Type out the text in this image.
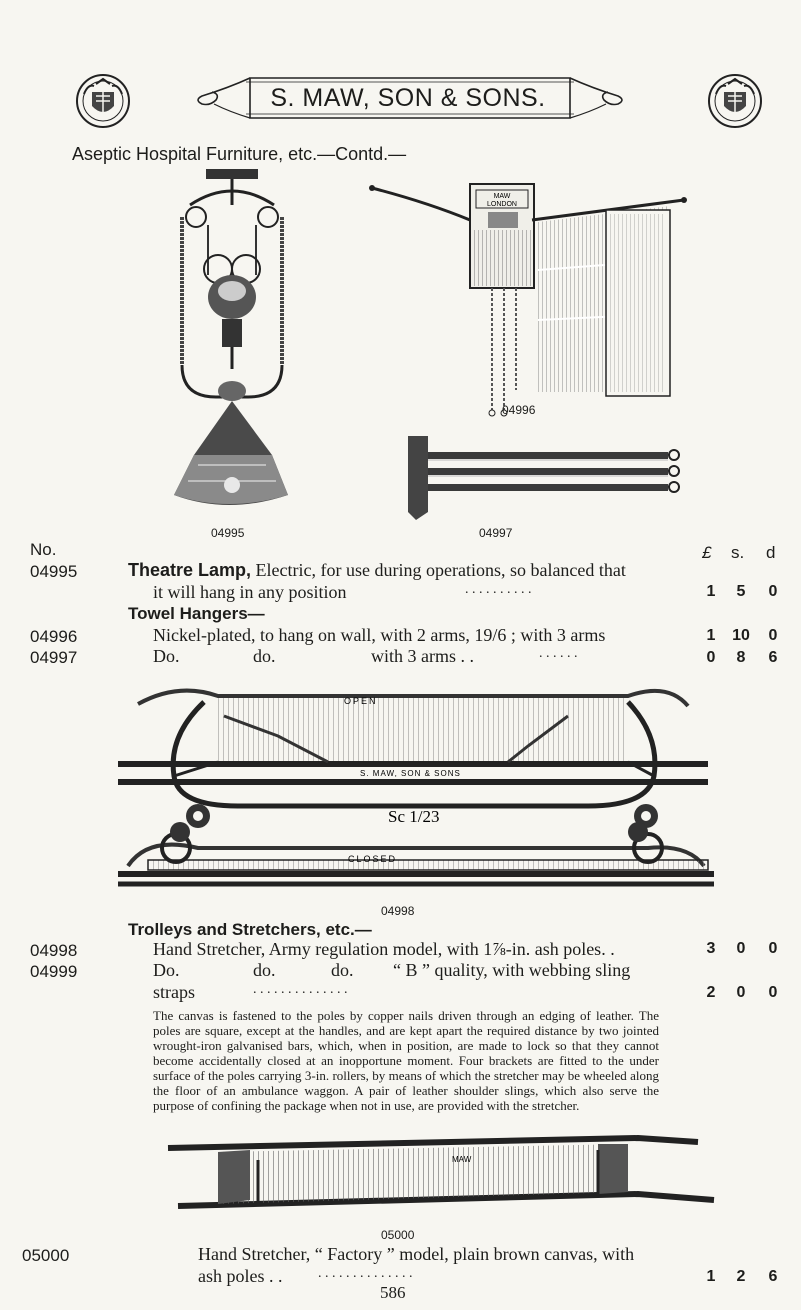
S. MAW, SON & SONS.
Aseptic Hospital Furniture, etc.—Contd.—
04995
MAW
LONDON
04996
04997
No.	£ s. d
04995	Theatre Lamp, Electric, for use during operations, so balanced that
it will hang in any position	. . . . . . . . . .	1	5	0
Towel Hangers—
04996	Nickel-plated, to hang on wall, with 2 arms, 19/6 ; with 3 arms	1	10	0
04997	Do.	do.	with 3 arms . .	. . . . . .	0	8	6
OPEN
S. MAW, SON & SONS
Sc 1/23
CLOSED
04998
Trolleys and Stretchers, etc.—
04998	Hand Stretcher, Army regulation model, with 1⅞-in. ash poles. .	3	0	0
04999	Do.	do.	do. “ B ” quality, with webbing sling
straps	. . . . . . . . . . . . . .	2	0	0
The canvas is fastened to the poles by copper nails driven through an edging of leather. The poles are square, except at the handles, and are kept apart the required distance by two jointed wrought-iron galvanised bars, which, when in position, are made to lock so that they cannot become accidentally closed at an inopportune moment. Four brackets are fitted to the under surface of the poles carrying 3-in. rollers, by means of which the stretcher may be wheeled along the floor of an ambulance waggon. A pair of leather shoulder slings, which also serve the purpose of confining the package when not in use, are provided with the stretcher.
MAW
05000
05000	Hand Stretcher, “ Factory ” model, plain brown canvas, with
ash poles . .	. . . . . . . . . . . . . .	1	2	6
586
